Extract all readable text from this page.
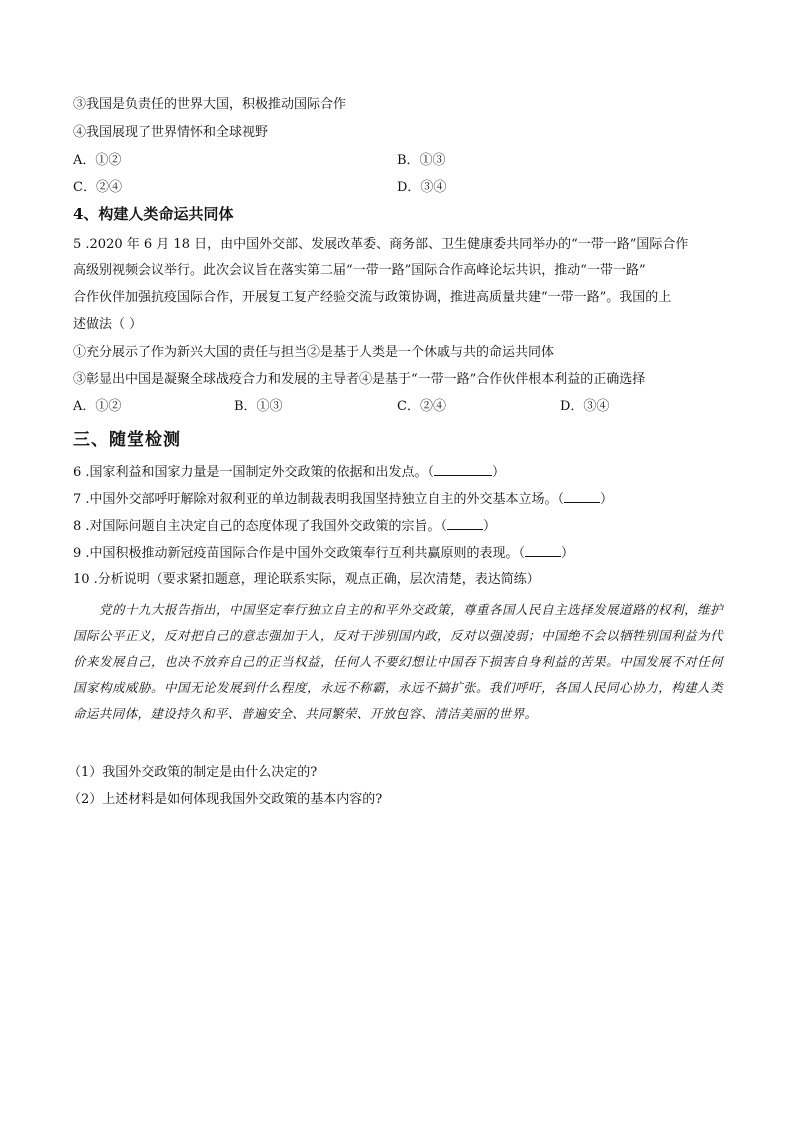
③我国是负责任的世界大国，积极推动国际合作
④我国展现了世界情怀和全球视野
A．①②	B．①③
C．②④	D．③④
4、构建人类命运共同体
5 .2020 年 6 月 18 日，由中国外交部、发展改革委、商务部、卫生健康委共同举办的“一带一路”国际合作
高级别视频会议举行。此次会议旨在落实第二届“一带一路”国际合作高峰论坛共识，推动“一带一路”
合作伙伴加强抗疫国际合作，开展复工复产经验交流与政策协调，推进高质量共建“一带一路”。我国的上
述做法（ ）
①充分展示了作为新兴大国的责任与担当②是基于人类是一个休戚与共的命运共同体
③彰显出中国是凝聚全球战疫合力和发展的主导者④是基于“一带一路”合作伙伴根本利益的正确选择
A．①②	B．①③	C．②④	D．③④
三、随堂检测
6 .国家利益和国家力量是一国制定外交政策的依据和出发点。（	）
7 .中国外交部呼吁解除对叙利亚的单边制裁表明我国坚持独立自主的外交基本立场。（	）
8 .对国际问题自主决定自己的态度体现了我国外交政策的宗旨。（	）
9 .中国积极推动新冠疫苗国际合作是中国外交政策奉行互利共赢原则的表现。（	）
10 .分析说明（要求紧扣题意，理论联系实际，观点正确，层次清楚，表达简练）
党的十九大报告指出，中国坚定奉行独立自主的和平外交政策，尊重各国人民自主选择发展道路的权利，维护国际公平正义，反对把自己的意志强加于人，反对干涉别国内政，反对以强凌弱；中国绝不会以牺牲别国利益为代价来发展自己，也决不放弃自己的正当权益，任何人不要幻想让中国吞下损害自身利益的苦果。中国发展不对任何国家构成威胁。中国无论发展到什么程度，永远不称霸，永远不搞扩张。我们呼吁，各国人民同心协力，构建人类命运共同体，建设持久和平、普遍安全、共同繁荣、开放包容、清洁美丽的世界。
（1）我国外交政策的制定是由什么决定的?
（2）上述材料是如何体现我国外交政策的基本内容的?
